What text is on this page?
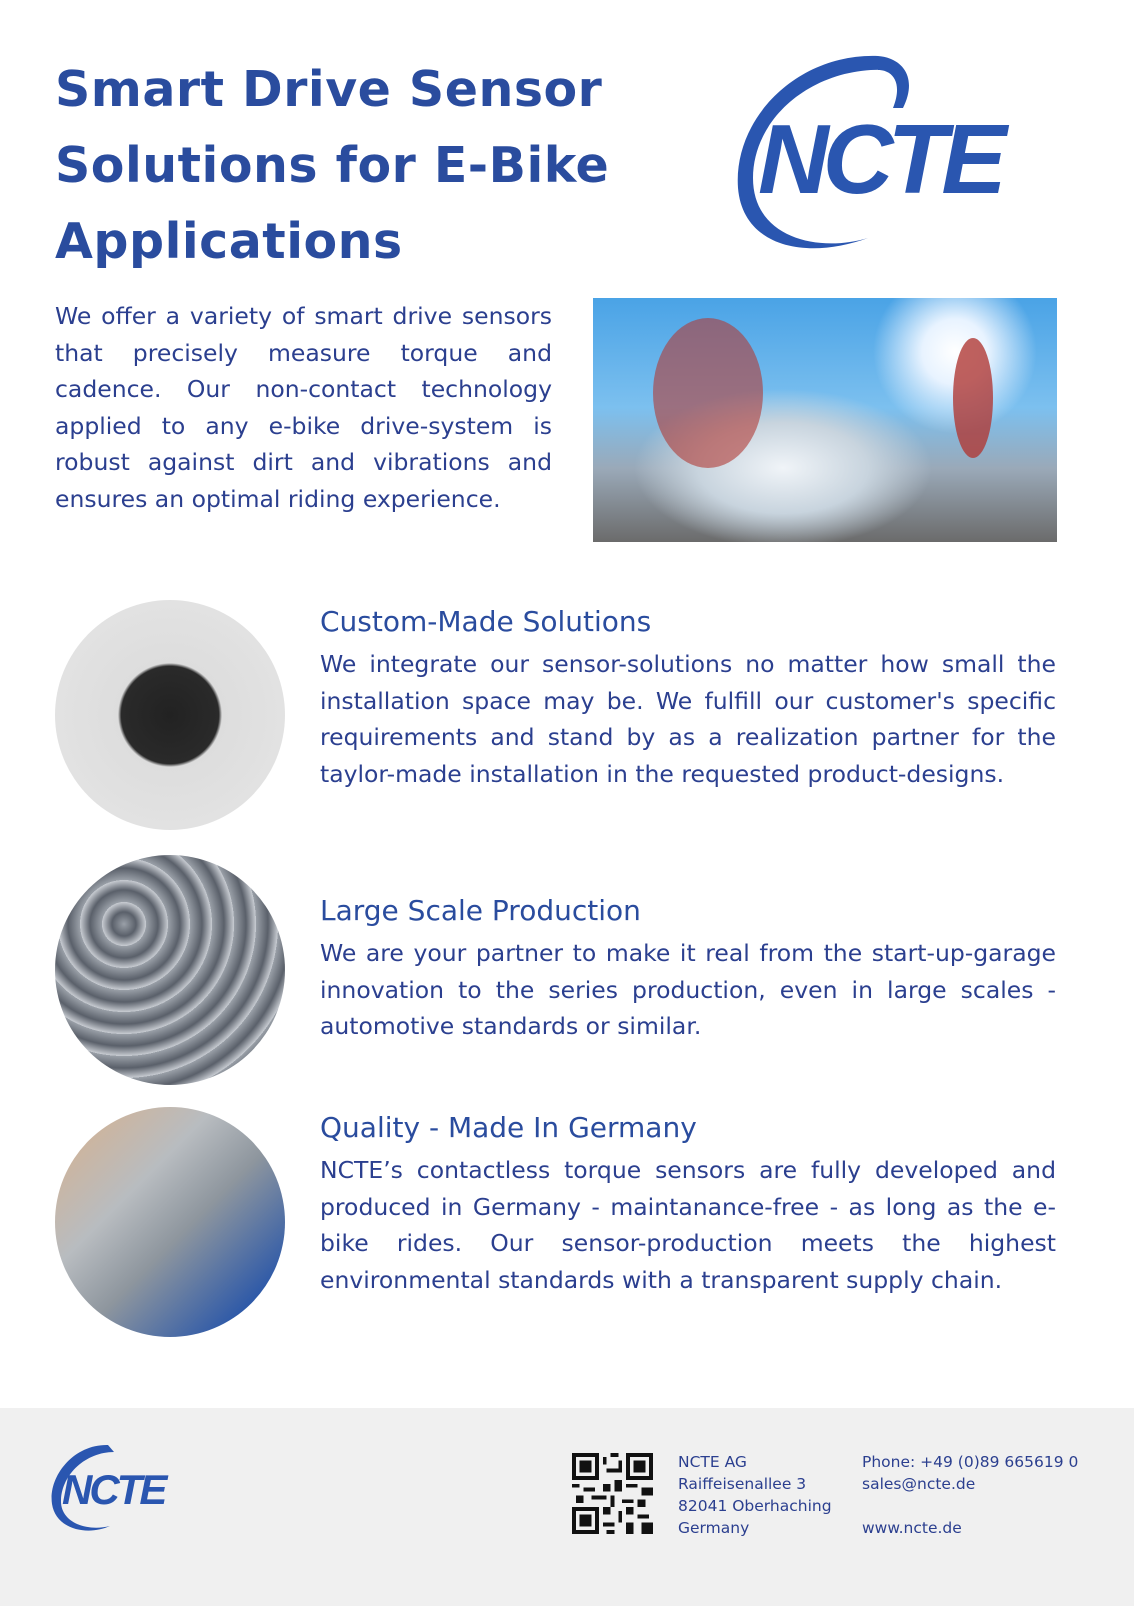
Smart Drive Sensor Solutions for E-Bike Applications
NCTE

We offer a variety of smart drive sensors that precisely measure torque and cadence. Our non-contact technology applied to any e-bike drive-system is robust against dirt and vibrations and ensures an optimal riding experience.

Custom-Made Solutions

We integrate our sensor-solutions no matter how small the installation space may be. We fulfill our customer's specific requirements and stand by as a realization partner for the taylor-made installation in the requested product-designs.

Large Scale Production

We are your partner to make it real from the start-up-garage innovation to the series production, even in large scales - automotive standards or similar.

Quality - Made In Germany

NCTE’s contactless torque sensors are fully developed and produced in Germany - maintanance-free - as long as the e-bike rides. Our sensor-production meets the highest environmental standards with a transparent supply chain.

NCTE
NCTE AG
Raiffeisenallee 3
82041 Oberhaching
Germany
Phone: +49 (0)89 665619 0
sales@ncte.de
www.ncte.de
